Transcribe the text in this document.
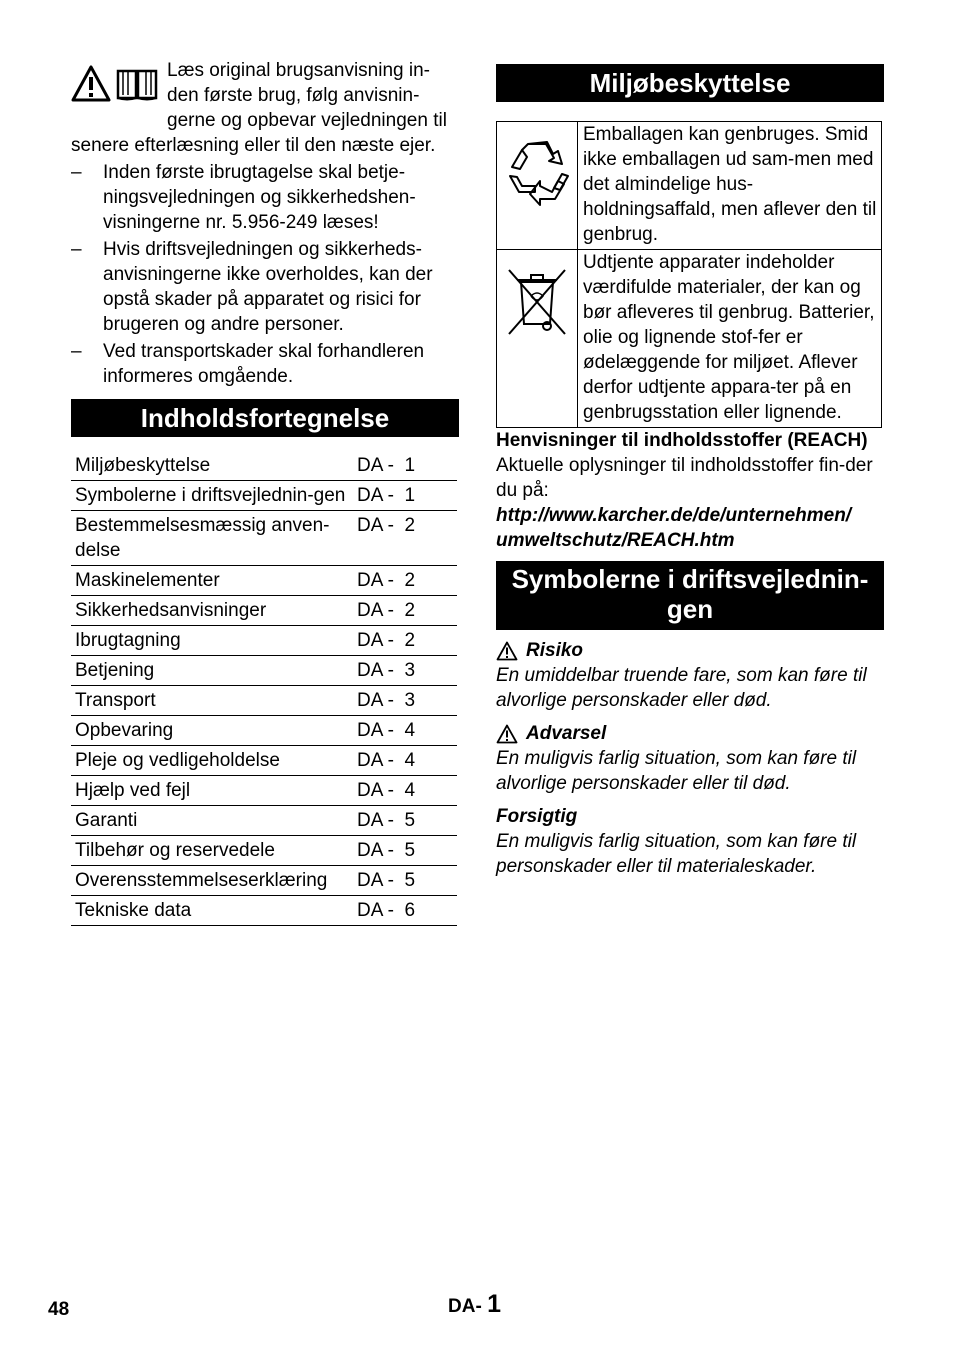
Læs original brugsanvisning in-
den første brug, følg anvisnin-
gerne og opbevar vejledningen til senere efterlæsning eller til den næste ejer.

– Inden første ibrugtagelse skal betje-ningsvejledningen og sikkerhedshen-visningerne nr. 5.956-249 læses!
– Hvis driftsvejledningen og sikkerheds-anvisningerne ikke overholdes, kan der opstå skader på apparatet og risici for brugeren og andre personer.
– Ved transportskader skal forhandleren informeres omgående.
Indholdsfortegnelse
Miljøbeskyttelse	DA -  1
Symbolerne i driftsvejlednin-gen	DA -  1
Bestemmelsesmæssig anven-delse	DA -  2
Maskinelementer	DA -  2
Sikkerhedsanvisninger	DA -  2
Ibrugtagning	DA -  2
Betjening	DA -  3
Transport	DA -  3
Opbevaring	DA -  4
Pleje og vedligeholdelse	DA -  4
Hjælp ved fejl	DA -  4
Garanti	DA -  5
Tilbehør og reservedele	DA -  5
Overensstemmelseserklæring	DA -  5
Tekniske data	DA -  6
Miljøbeskyttelse
	Emballagen kan genbruges. Smid ikke emballagen ud sam-men med det almindelige hus-holdningsaffald, men aflever den til genbrug.

	Udtjente apparater indeholder værdifulde materialer, der kan og bør afleveres til genbrug. Batterier, olie og lignende stof-fer er ødelæggende for miljøet. Aflever derfor udtjente appara-ter på en genbrugsstation eller lignende.

Henvisninger til indholdsstoffer (REACH)

Aktuelle oplysninger til indholdsstoffer fin-der du på:

http://www.karcher.de/de/unternehmen/
umweltschutz/REACH.htm

Symbolerne i driftsvejlednin-gen
Risiko

En umiddelbar truende fare, som kan føre til alvorlige personskader eller død.

Advarsel

En muligvis farlig situation, som kan føre til alvorlige personskader eller til død.

Forsigtig

En muligvis farlig situation, som kan føre til personskader eller til materialeskader.

48	DA- 1
